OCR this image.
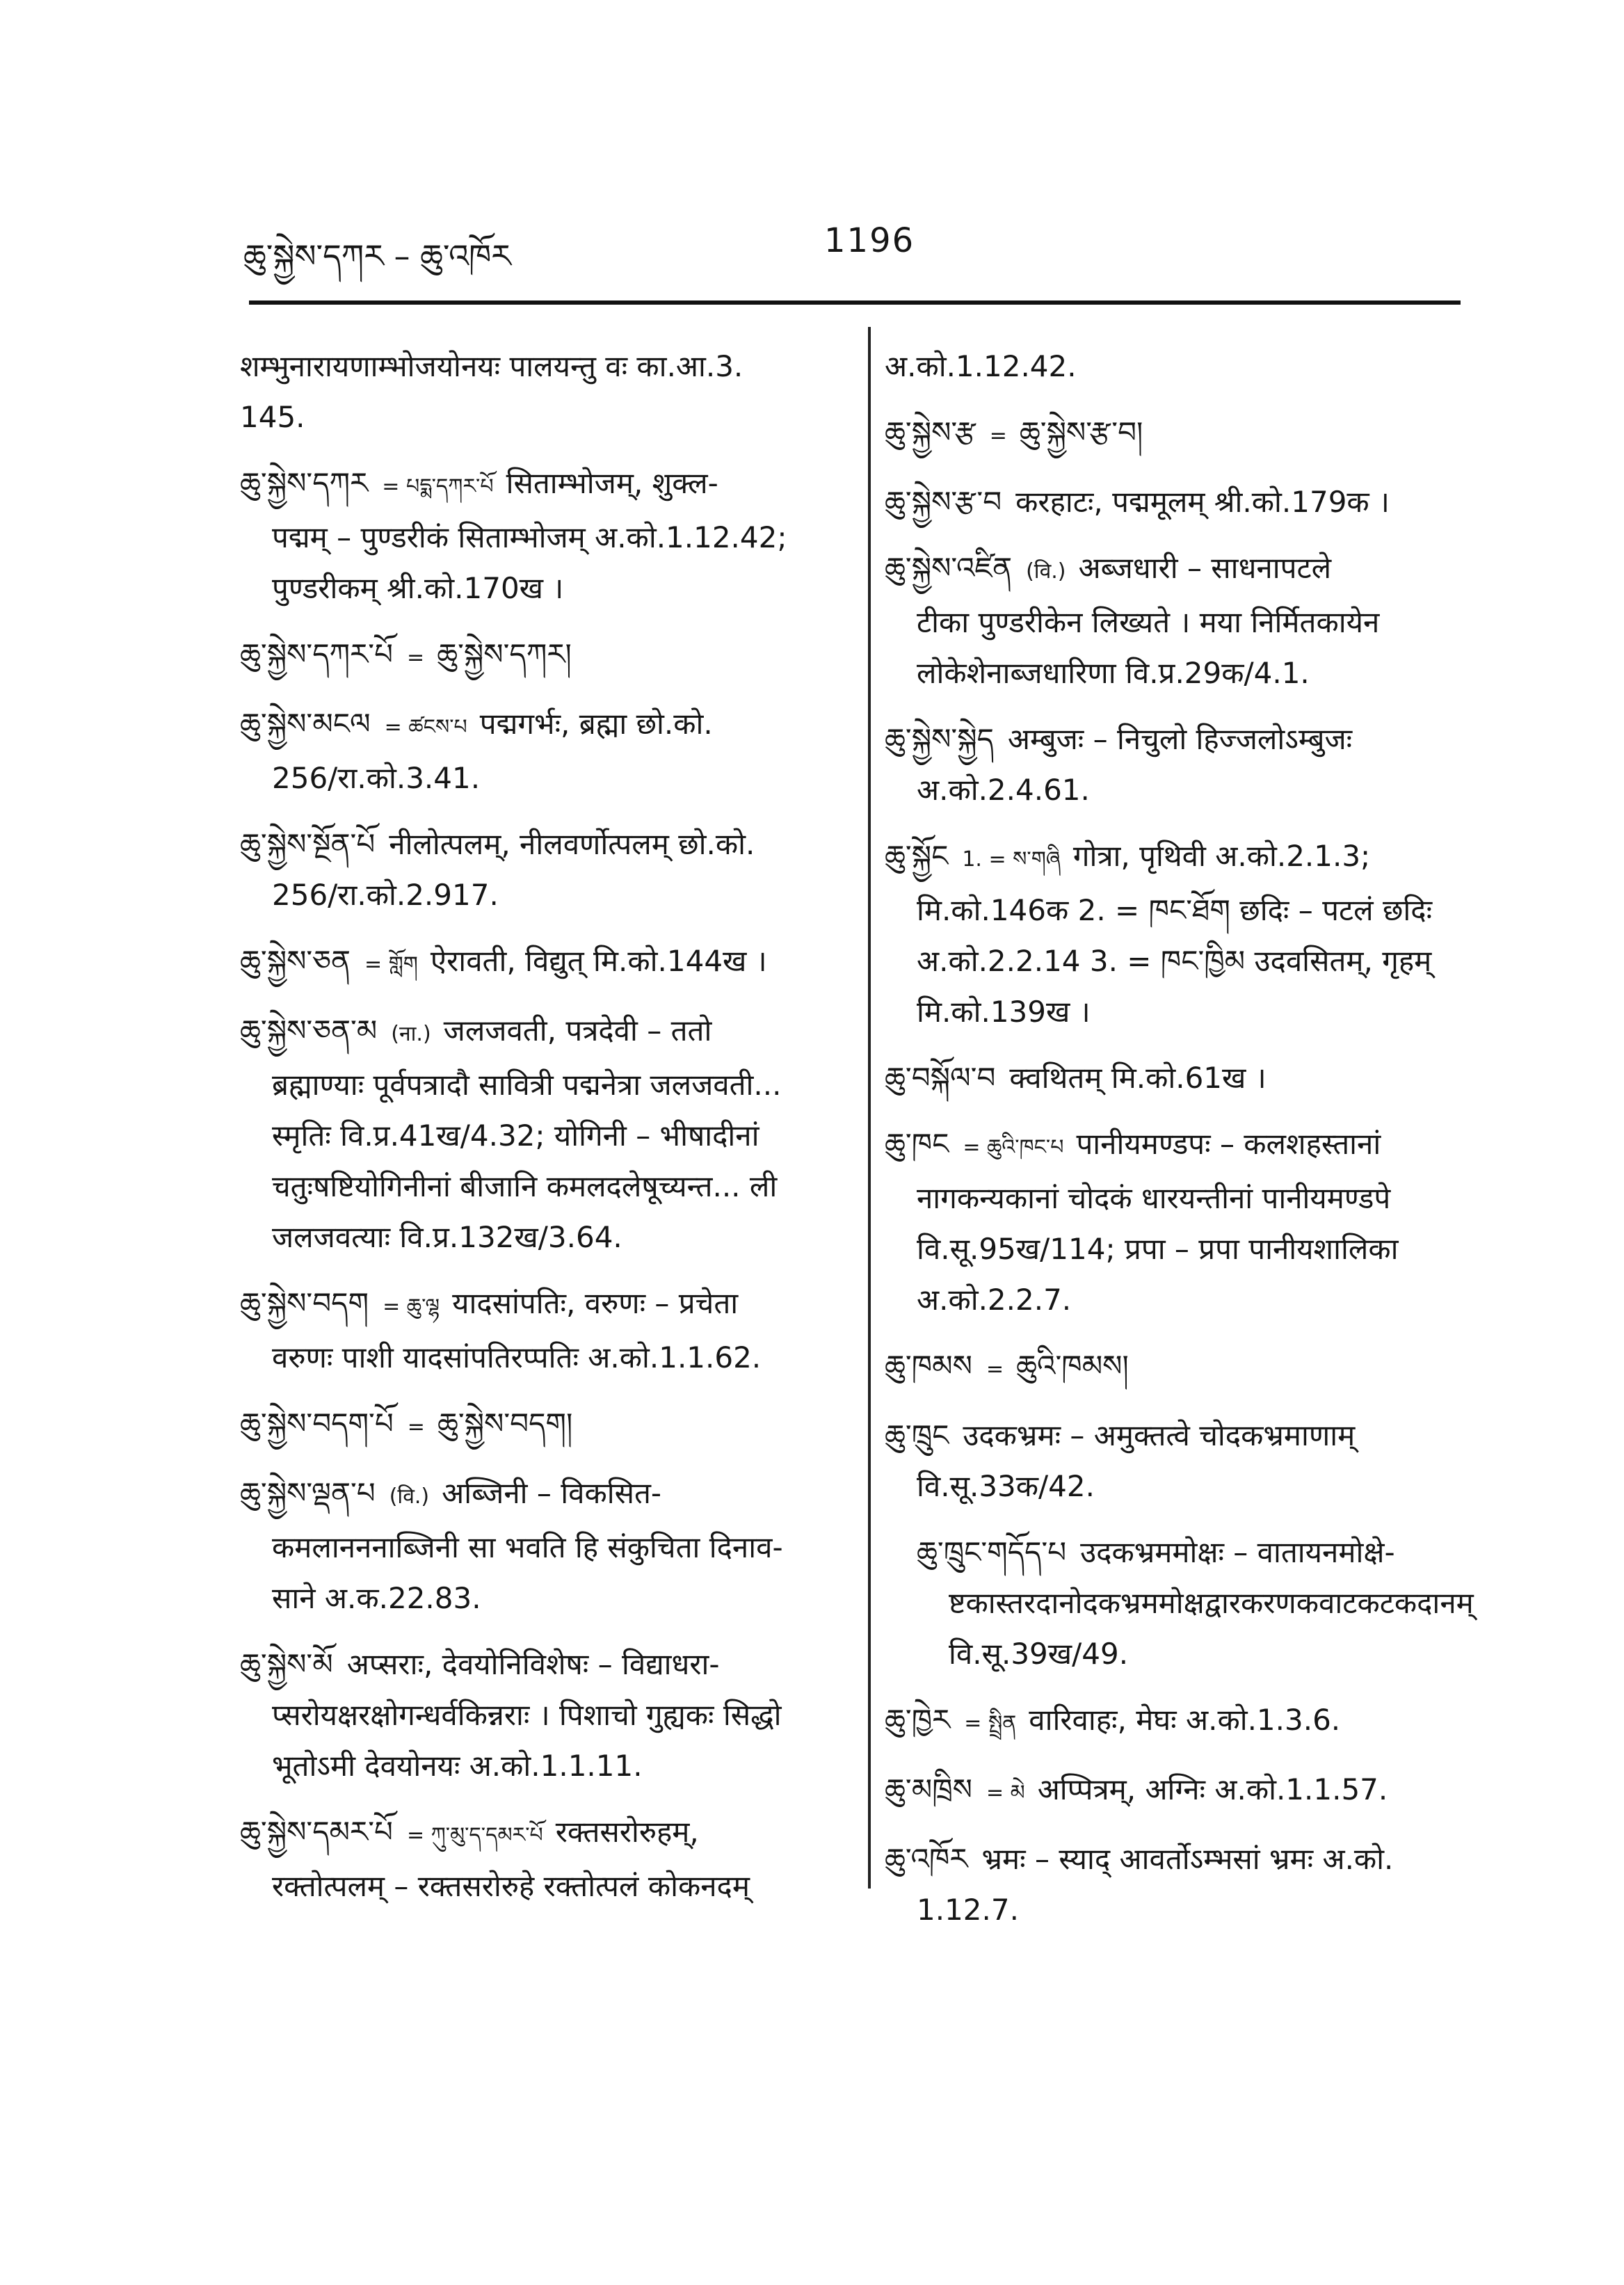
ཆུ་སྐྱེས་དཀར – ཆུ་འཁོར	1196
शम्भुनारायणाम्भोजयोनयः पालयन्तु वः का.आ.3.
145.
ཆུ་སྐྱེས་དཀར = པདྨ་དཀར་པོ सिताम्भोजम्, शुक्ल-
पद्मम् – पुण्डरीकं सिताम्भोजम् अ.को.1.12.42;
पुण्डरीकम् श्री.को.170ख ।
ཆུ་སྐྱེས་དཀར་པོ = ཆུ་སྐྱེས་དཀར།
ཆུ་སྐྱེས་མངལ = ཚངས་པ पद्मगर्भः, ब्रह्मा छो.को.
256/रा.को.3.41.
ཆུ་སྐྱེས་སྔོན་པོ नीलोत्पलम्, नीलवर्णोत्पलम् छो.को.
256/रा.को.2.917.
ཆུ་སྐྱེས་ཅན = གློག ऐरावती, विद्युत् मि.को.144ख ।
ཆུ་སྐྱེས་ཅན་མ (ना.) जलजवती, पत्रदेवी – ततो
ब्रह्माण्याः पूर्वपत्रादौ सावित्री पद्मनेत्रा जलजवती...
स्मृतिः वि.प्र.41ख/4.32; योगिनी – भीषादीनां
चतुःषष्टियोगिनीनां बीजानि कमलदलेषूच्यन्त... ली
जलजवत्याः वि.प्र.132ख/3.64.
ཆུ་སྐྱེས་བདག = ཆུ་ལྷ यादसांपतिः, वरुणः – प्रचेता
वरुणः पाशी यादसांपतिरप्पतिः अ.को.1.1.62.
ཆུ་སྐྱེས་བདག་པོ = ཆུ་སྐྱེས་བདག།
ཆུ་སྐྱེས་ལྡན་པ (वि.) अब्जिनी – विकसित-
कमलानननाब्जिनी सा भवति हि संकुचिता दिनाव-
साने अ.क.22.83.
ཆུ་སྐྱེས་མོ अप्सराः, देवयोनिविशेषः – विद्याधरा-
प्सरोयक्षरक्षोगन्धर्वकिन्नराः । पिशाचो गुह्यकः सिद्धो
भूतोऽमी देवयोनयः अ.को.1.1.11.
ཆུ་སྐྱེས་དམར་པོ = ཀུ་མུ་ད་དམར་པོ रक्तसरोरुहम्,
रक्तोत्पलम् – रक्तसरोरुहे रक्तोत्पलं कोकनदम्
अ.को.1.12.42.
ཆུ་སྐྱེས་རྩ = ཆུ་སྐྱེས་རྩ་བ།
ཆུ་སྐྱེས་རྩ་བ करहाटः, पद्ममूलम् श्री.को.179क ।
ཆུ་སྐྱེས་འཛིན (वि.) अब्जधारी – साधनापटले
टीका पुण्डरीकेन लिख्यते । मया निर्मितकायेन
लोकेशेनाब्जधारिणा वि.प्र.29क/4.1.
ཆུ་སྐྱེས་སྐྱེད अम्बुजः – निचुलो हिज्जलोऽम्बुजः
अ.को.2.4.61.
ཆུ་སྐྱོང 1. = ས་གཞི गोत्रा, पृथिवी अ.को.2.1.3;
मि.को.146क 2. = ཁང་ཐོག छदिः – पटलं छदिः
अ.को.2.2.14 3. = ཁང་ཁྱིམ उदवसितम्, गृहम्
मि.को.139ख ।
ཆུ་བསྐོལ་བ क्वथितम् मि.को.61ख ।
ཆུ་ཁང = ཆུའི་ཁང་པ पानीयमण्डपः – कलशहस्तानां
नागकन्यकानां चोदकं धारयन्तीनां पानीयमण्डपे
वि.सू.95ख/114; प्रपा – प्रपा पानीयशालिका
अ.को.2.2.7.
ཆུ་ཁམས = ཆུའི་ཁམས།
ཆུ་ཁྲུང उदकभ्रमः – अमुक्तत्वे चोदकभ्रमाणाम्
वि.सू.33क/42.
ཆུ་ཁྲུང་གདོད་པ उदकभ्रममोक्षः – वातायनमोक्षे-
ष्टकास्तरदानोदकभ्रममोक्षद्वारकरणकवाटकटकदानम्
वि.सू.39ख/49.
ཆུ་ཁྱེར = སྤྲིན वारिवाहः, मेघः अ.को.1.3.6.
ཆུ་མཁྲིས = མེ अप्पित्रम्, अग्निः अ.को.1.1.57.
ཆུ་འཁོར भ्रमः – स्याद् आवर्तोऽम्भसां भ्रमः अ.को.
1.12.7.
